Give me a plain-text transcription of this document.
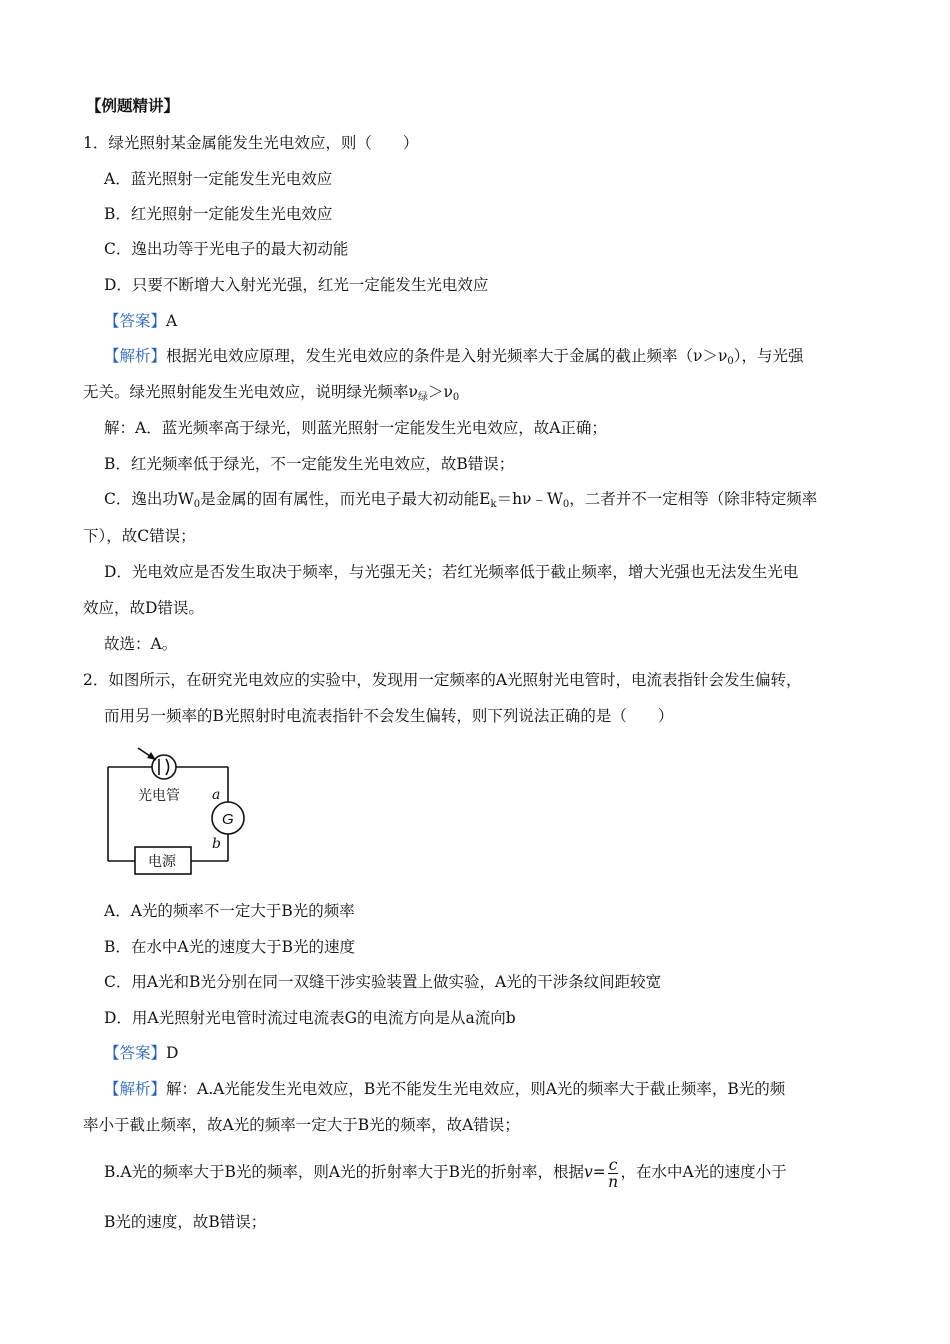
【例题精讲】
1．绿光照射某金属能发生光电效应，则（　　）
A．蓝光照射一定能发生光电效应
B．红光照射一定能发生光电效应
C．逸出功等于光电子的最大初动能
D．只要不断增大入射光光强，红光一定能发生光电效应
【答案】A
【解析】根据光电效应原理，发生光电效应的条件是入射光频率大于金属的截止频率$(\nu>\nu_0)$，与光强
无关。绿光照射能发生光电效应，说明绿光频率$\nu_绿>\nu_0$
解：A．蓝光频率高于绿光，则蓝光照射一定能发生光电效应，故A正确；
B．红光频率低于绿光，不一定能发生光电效应，故B错误；
C．逸出功$W_0$是金属的固有属性，而光电子最大初动能$E_k=h\nu﹣W_0$，二者并不一定相等（除非特定频率
下），故C错误；
D．光电效应是否发生取决于频率，与光强无关；若红光频率低于截止频率，增大光强也无法发生光电
效应，故D错误。
故选：A。
2．如图所示，在研究光电效应的实验中，发现用一定频率的A光照射光电管时，电流表指针会发生偏转，
而用另一频率的B光照射时电流表指针不会发生偏转，则下列说法正确的是（　　）
光电管
G
a
b
电源
A．A光的频率不一定大于B光的频率
B．在水中A光的速度大于B光的速度
C．用A光和B光分别在同一双缝干涉实验装置上做实验，A光的干涉条纹间距较宽
D．用A光照射光电管时流过电流表G的电流方向是从a流向b
【答案】D
【解析】解：A.A光能发生光电效应，B光不能发生光电效应，则A光的频率大于截止频率，B光的频
率小于截止频率，故A光的频率一定大于B光的频率，故A错误；
B.A光的频率大于B光的频率，则A光的折射率大于B光的折射率，根据$v= \frac{c}{n}$ ，在水中A光的速度小于
B光的速度，故B错误；
